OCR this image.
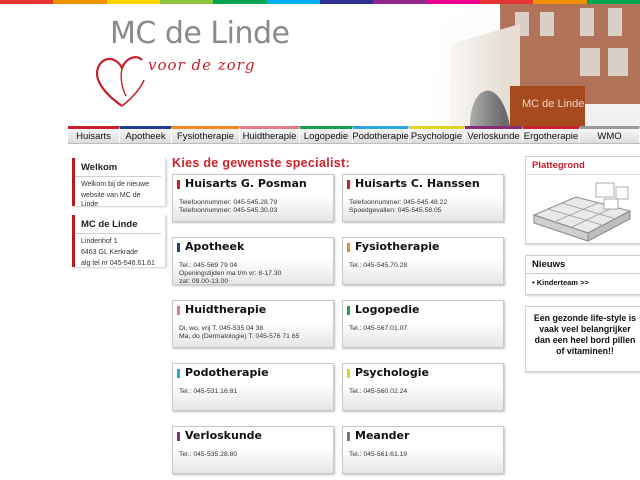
MC de Linde
voor de zorg
Huisarts	Apotheek	Fysiotherapie Huidtherapie Logopedie Podotherapie Psychologie Verloskunde Ergotherapie	WMO
Welkom

Welkom bij de nieuwe

website van MC de Linde

MC de Linde

Lindenhof 1

6463 GL Kerkrade

alg tel nr 045-546.61.61

Kies de gewenste specialist:
Huisarts G. Posman
Telefoonnummer: 045-545.28.79
Telefoonnummer: 045-545.30.03
Huisarts C. Hanssen
Telefoonnummer: 045-545.48.22
Spoedgevallen: 045-545.58.05
Apotheek
Tel.: 045-569 79 04
Openingstijden ma t/m vr: 8-17.30
zat: 09.00-13.00
Fysiotherapie
Tel.: 045-545.70.28
Huidtherapie
Di, wo, vrij T. 045-535 04 38
Ma, do (Dermatologie) T. 045-576 71 65
Logopedie
Tel.: 045-567.01.07
Podotherapie
Tel.: 045-531.16.81
Psychologie
Tel.: 045-560.02.24
Verloskunde
Tel.: 045-535.28.80
Meander
Tel.: 045-561.61.19
Plattegrond
Nieuws
• Kinderteam >>
Een gezonde life-style is
vaak veel belangrijker
dan een heel bord pillen
of vitaminen!!
